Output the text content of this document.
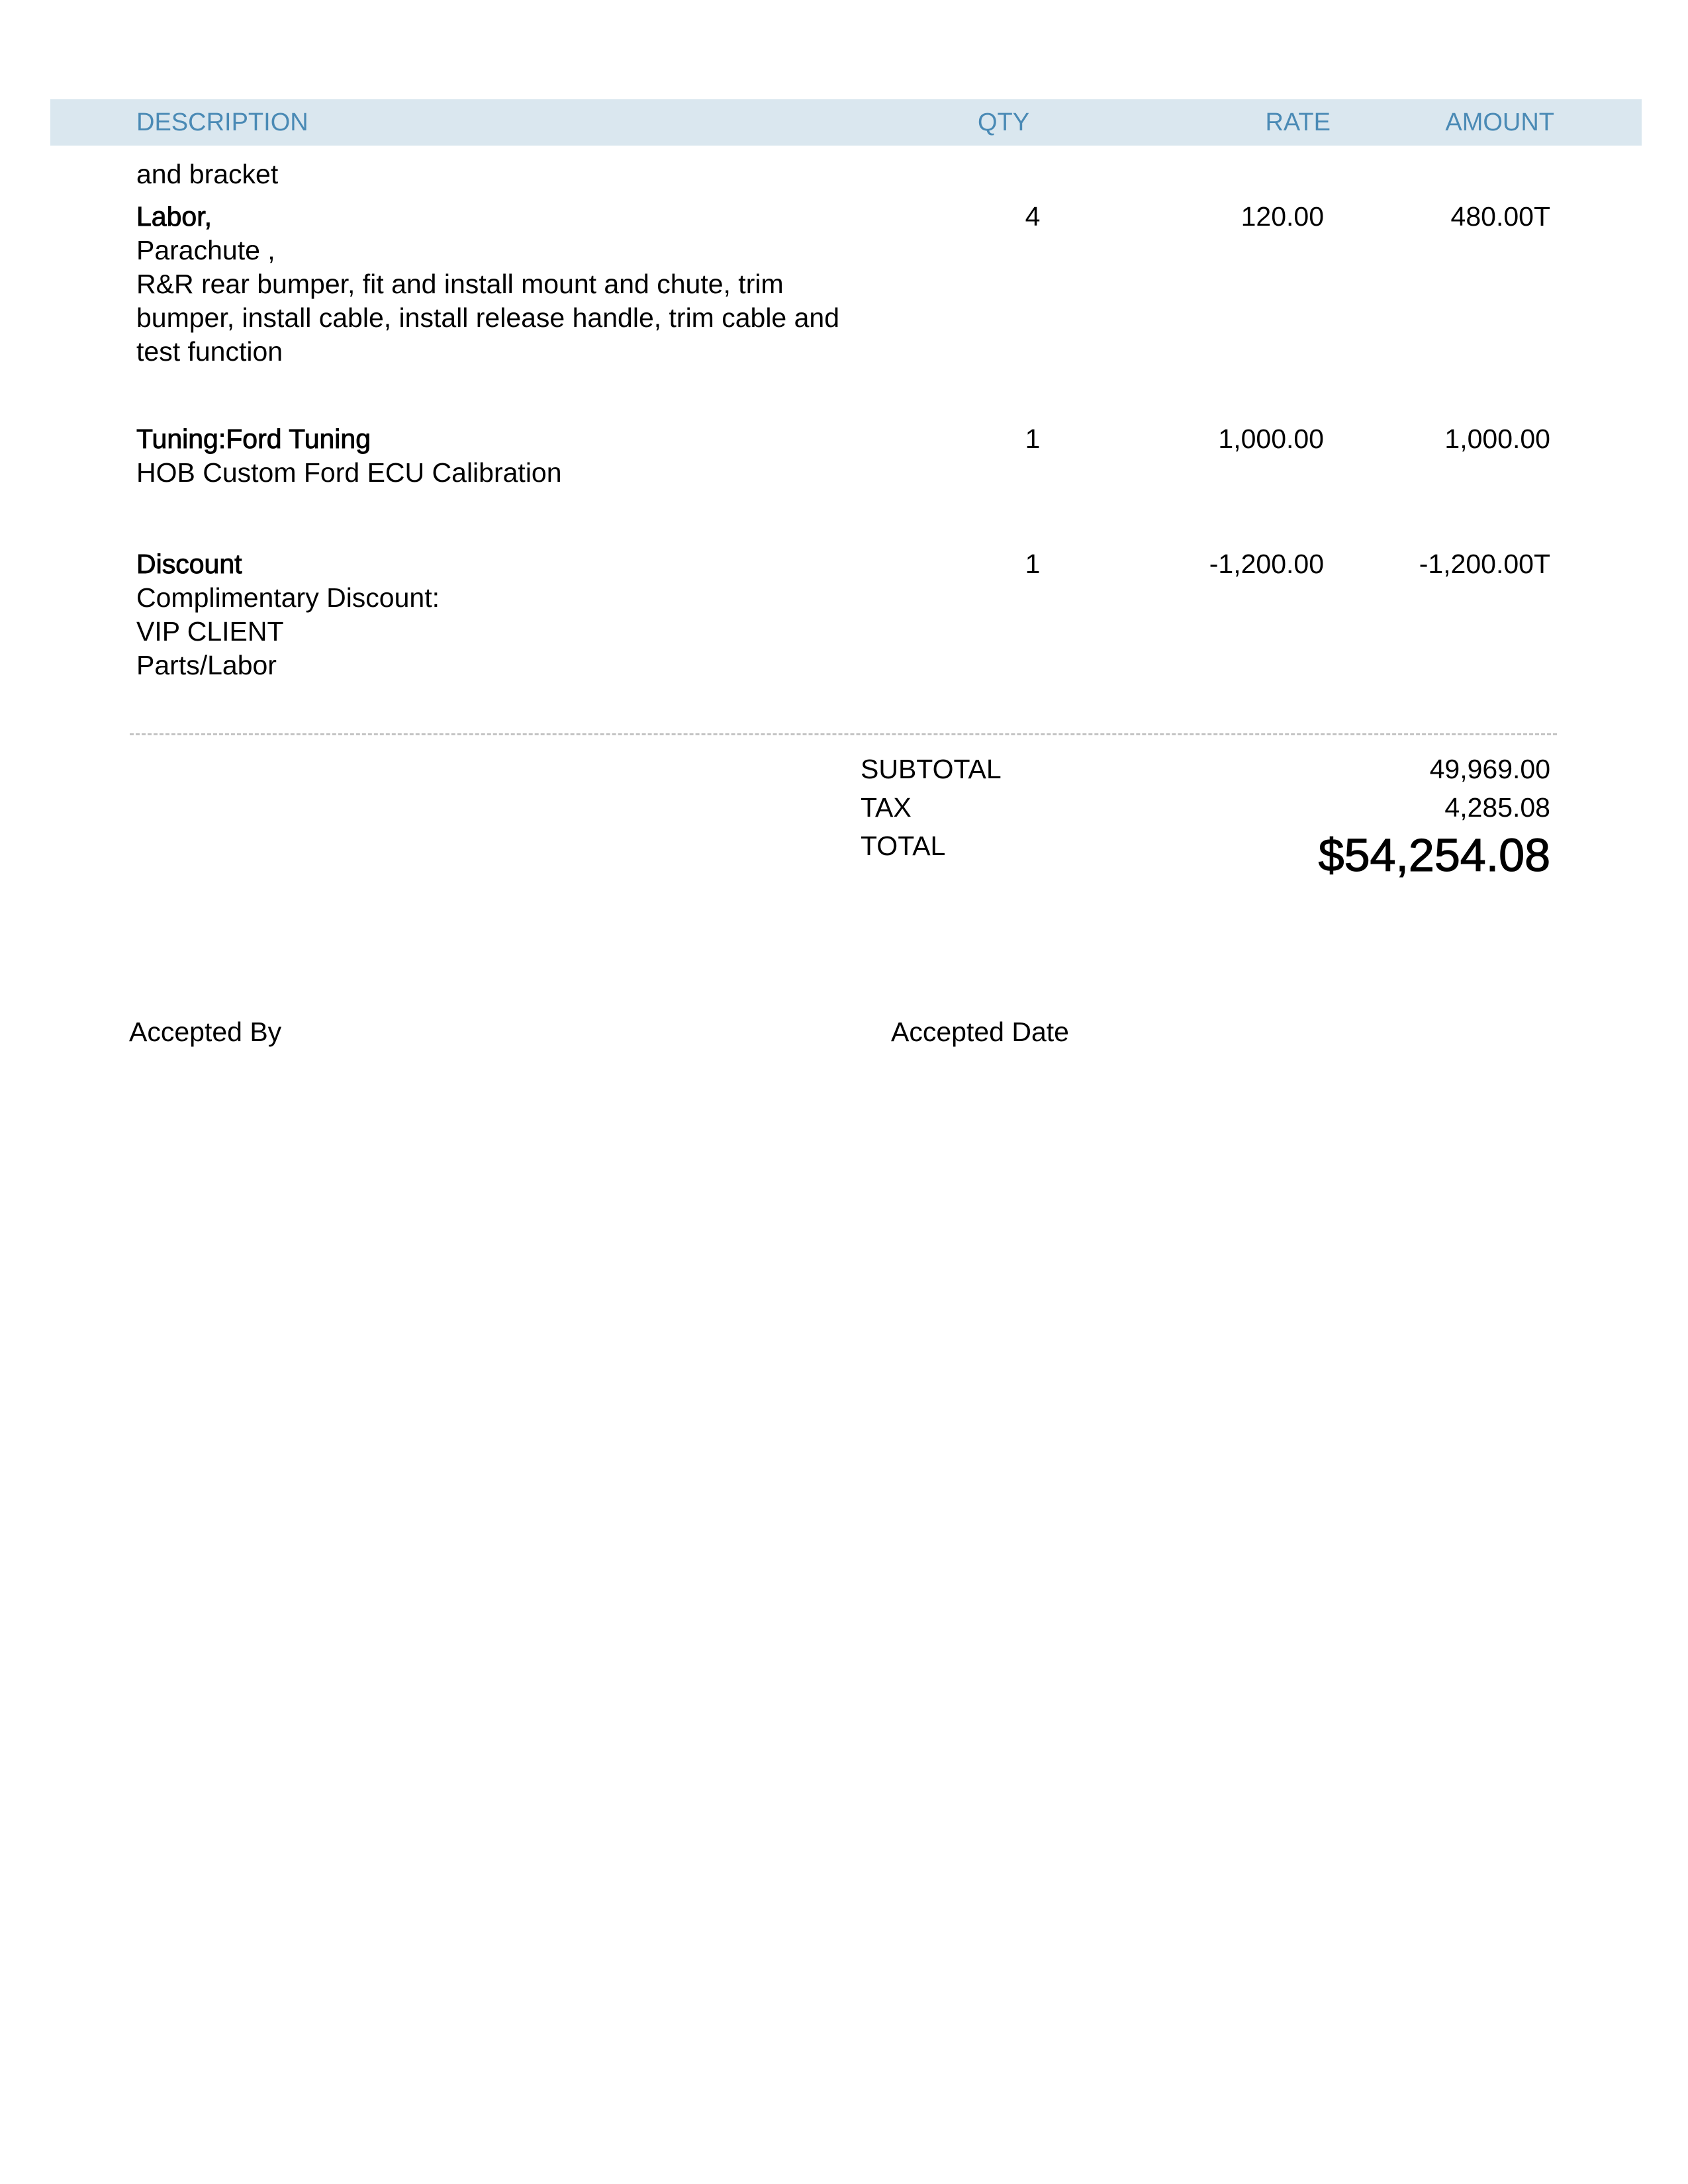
DESCRIPTION	QTY	RATE	AMOUNT
and bracket
Labor,
Parachute ,
R&R rear bumper, fit and install mount and chute, trim
bumper, install cable, install release handle, trim cable and
test function
4	120.00	480.00T
Tuning:Ford Tuning
HOB Custom Ford ECU Calibration
1	1,000.00	1,000.00
Discount
Complimentary Discount:
VIP CLIENT
Parts/Labor
1	-1,200.00	-1,200.00T
SUBTOTAL	49,969.00
TAX	4,285.08
TOTAL	$54,254.08
Accepted By	Accepted Date
